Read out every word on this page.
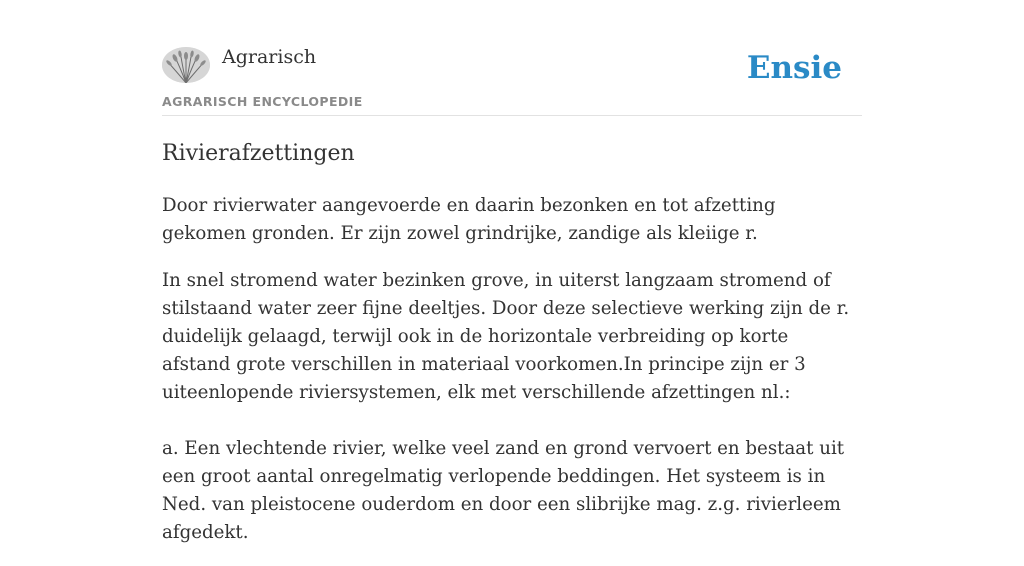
Agrarisch
AGRARISCH ENCYCLOPEDIE
Ensie
Rivierafzettingen

Door rivierwater aangevoerde en daarin bezonken en tot afzetting gekomen gronden. Er zijn zowel grindrijke, zandige als kleiige r.

In snel stromend water bezinken grove, in uiterst langzaam stromend of stilstaand water zeer fijne deeltjes. Door deze selectieve werking zijn de r. duidelijk gelaagd, terwijl ook in de horizontale verbreiding op korte afstand grote verschillen in materiaal voorkomen.In principe zijn er 3 uiteenlopende riviersystemen, elk met verschillende afzettingen nl.:

a. Een vlechtende rivier, welke veel zand en grond vervoert en bestaat uit een groot aantal onregelmatig verlopende beddingen. Het systeem is in Ned. van pleistocene ouderdom en door een slibrijke mag. z.g. rivierleem afgedekt.
